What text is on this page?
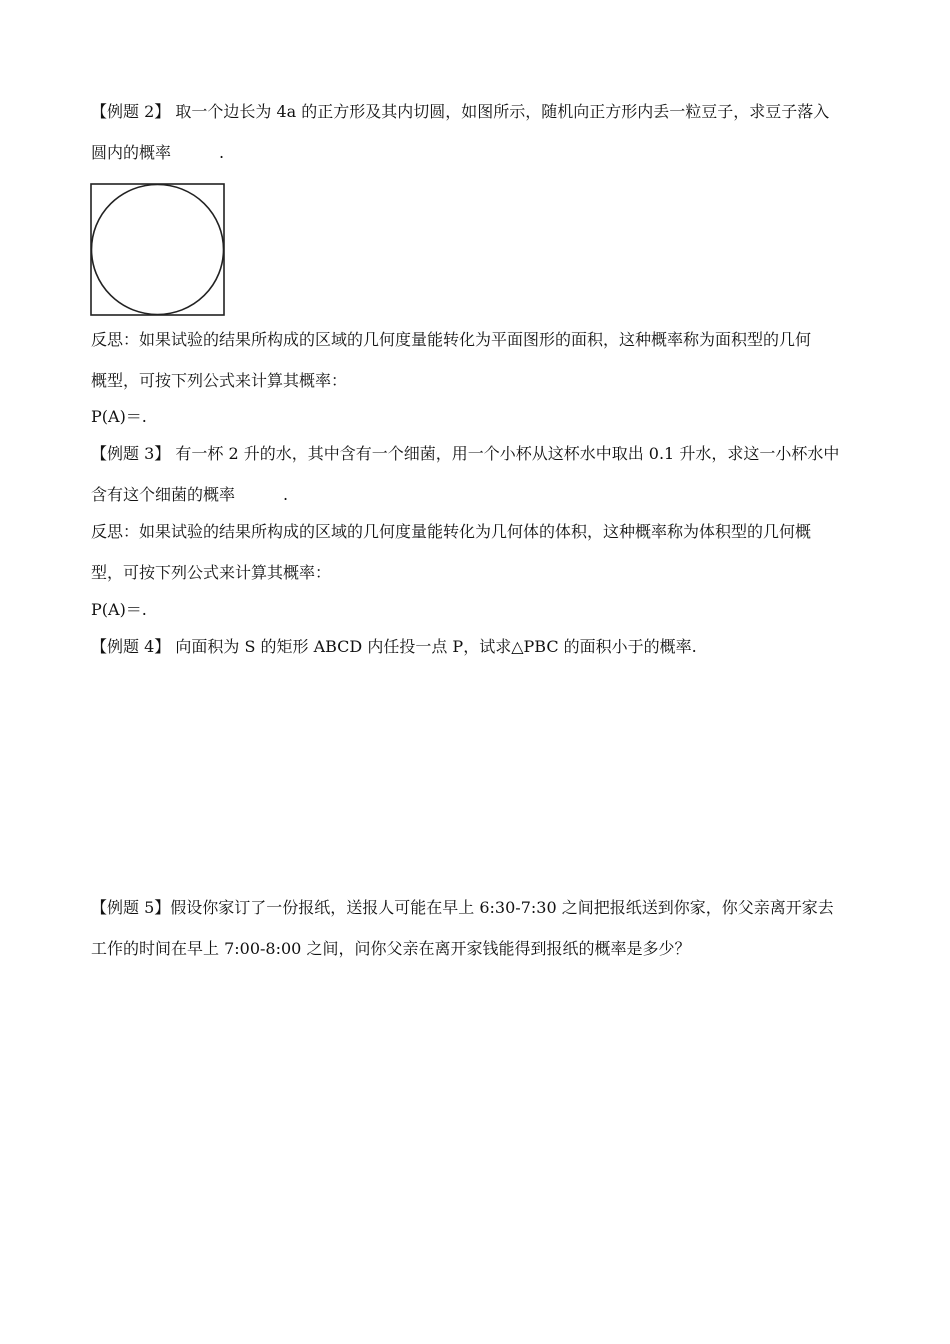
【例题 2】 取一个边长为 4a 的正方形及其内切圆，如图所示，随机向正方形内丢一粒豆子，求豆子落入
圆内的概率　　　.
反思：如果试验的结果所构成的区域的几何度量能转化为平面图形的面积，这种概率称为面积型的几何
概型，可按下列公式来计算其概率：
P(A)＝.
【例题 3】 有一杯 2 升的水，其中含有一个细菌，用一个小杯从这杯水中取出 0.1 升水，求这一小杯水中
含有这个细菌的概率　　　.
反思：如果试验的结果所构成的区域的几何度量能转化为几何体的体积，这种概率称为体积型的几何概
型，可按下列公式来计算其概率：
P(A)＝.
【例题 4】 向面积为 S 的矩形 ABCD 内任投一点 P，试求△PBC 的面积小于的概率.
【例题 5】假设你家订了一份报纸，送报人可能在早上 6:30-7:30 之间把报纸送到你家，你父亲离开家去
工作的时间在早上 7:00-8:00 之间，问你父亲在离开家钱能得到报纸的概率是多少？
